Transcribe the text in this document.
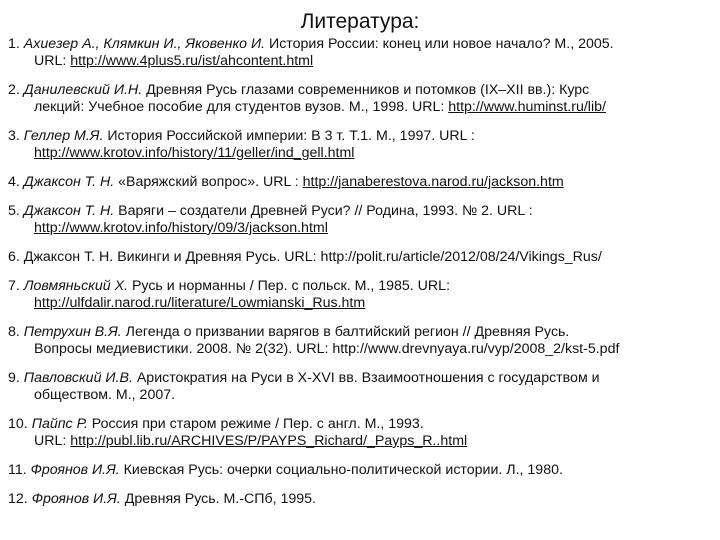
Литература:
1. Ахиезер А., Клямкин И., Яковенко И. История России: конец или новое начало? М., 2005.
URL: http://www.4plus5.ru/ist/ahcontent.html
2. Данилевский И.Н. Древняя Русь глазами современников и потомков (IX–XII вв.): Курс
лекций: Учебное пособие для студентов вузов. М., 1998. URL: http://www.huminst.ru/lib/
3. Геллер М.Я. История Российской империи: В 3 т. Т.1. М., 1997. URL :
http://www.krotov.info/history/11/geller/ind_gell.html
4. Джаксон Т. Н. «Варяжский вопрос». URL : http://janaberestova.narod.ru/jackson.htm
5. Джаксон Т. Н. Варяги – создатели Древней Руси? // Родина, 1993. № 2. URL :
http://www.krotov.info/history/09/3/jackson.html
6. Джаксон Т. Н. Викинги и Древняя Русь. URL: http://polit.ru/article/2012/08/24/Vikings_Rus/
7. Ловмяньский Х. Русь и норманны / Пер. с польск. М., 1985. URL:
http://ulfdalir.narod.ru/literature/Lowmianski_Rus.htm
8. Петрухин В.Я. Легенда о призвании варягов в балтийский регион // Древняя Русь.
Вопросы медиевистики. 2008. № 2(32). URL: http://www.drevnyaya.ru/vyp/2008_2/kst-5.pdf
9. Павловский И.В. Аристократия на Руси в X-XVI вв. Взаимоотношения с государством и
обществом. М., 2007.
10. Пайпс Р. Россия при старом режиме / Пер. с англ. М., 1993.
URL: http://publ.lib.ru/ARCHIVES/P/PAYPS_Richard/_Payps_R..html
11. Фроянов И.Я. Киевская Русь: очерки социально-политической истории. Л., 1980.
12. Фроянов И.Я. Древняя Русь. М.-СПб, 1995.
